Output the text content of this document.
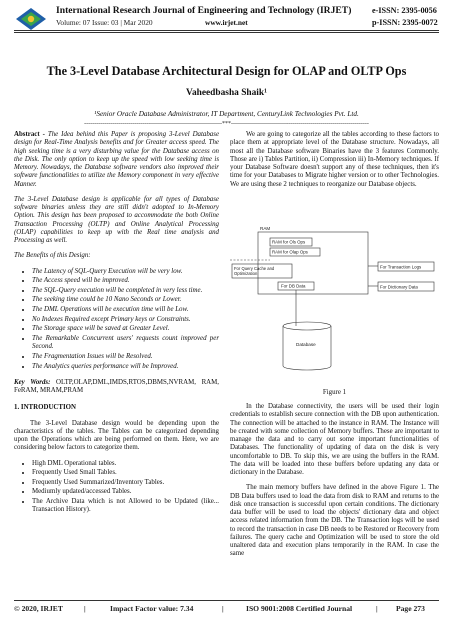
International Research Journal of Engineering and Technology (IRJET)	e-ISSN: 2395-0056
Volume: 07 Issue: 03 | Mar 2020	www.irjet.net	p-ISSN: 2395-0072
The 3-Level Database Architectural Design for OLAP and OLTP Ops
Vaheedbasha Shaik¹
¹Senior Oracle Database Administrator, IT Department, CenturyLink Technologies Pvt. Ltd.
---------------------------------------------------------------------***---------------------------------------------------------------------

Abstract - The Idea behind this Paper is proposing 3-Level Database design for Real-Time Analysis benefits and for Greater access speed. The high seeking time is a very disturbing value for the Database access on the Disk. The only option to keep up the speed with low seeking time is Memory. Nowadays, the Database software vendors also improved their software functionalities to utilize the Memory component in very effective Manner.

The 3-Level Database design is applicable for all types of Database software binaries unless they are still didn't adopted to In-Memory Option. This design has been proposed to accommodate the both Online Transaction Processing (OLTP) and Online Analytical Processing (OLAP) capabilities to keep up with the Real time analysis and Processing as well.

The Benefits of this Design:

• The Latency of SQL-Query Execution will be very low.
• The Access speed will be improved.
• The SQL-Query execution will be completed in very less time.
• The seeking time could be 10 Nano Seconds or Lower.
• The DML Operations will be execution time will be Low.
• No Indexes Required except Primary keys or Constraints.
• The Storage space will be saved at Greater Level.
• The Remarkable Concurrent users' requests count improved per Second.
• The Fragmentation Issues will be Resolved.
• The Analytics queries performance will be Improved.

Key Words: OLTP,OLAP,DML,IMDS,RTOS,DBMS,NVRAM, RAM, FeRAM, MRAM,PRAM

1. INTRODUCTION

The 3-Level Database design would be depending upon the characteristics of the tables. The Tables can be categorized depending upon the Operations which are being performed on them. Here, we are considering below factors to categorize them.

• High DML Operational tables.
• Frequently Used Small Tables.
• Frequently Used Summarized/Inventory Tables.
• Mediumly updated/accessed Tables.
• The Archive Data which is not Allowed to be Updated (like... Transaction History).

We are going to categorize all the tables according to these factors to place them at appropriate level of the Database structure. Nowadays, all most all the Database software Binaries have the 3 features Commonly. Those are i) Tables Partition, ii) Compression iii) In-Memory techniques. If your Database Software doesn't support any of these techniques, then it's time for your Databases to Migrate higher version or to other Technologies. We are using these 2 techniques to reorganize our Database objects.

RAM
RAM for Ols Ops
RAM for Olap Ops
For Query Cache and Optimization
For Transaction Logs
For DB Data	For Dictionary Data
Database
Figure 1

In the Database connectivity, the users will be used their login credentials to establish secure connection with the DB upon authentication. The connection will be attached to the instance in RAM. The Instance will be created with some collection of Memory buffers. These are important to manage the data and to carry out some important functionalities of Databases. The functionality of updating of data on the disk is very uncomfortable to DB. To skip this, we are using the buffers in the RAM. The data will be loaded into these buffers before updating any data or dictionary in the Database.

The main memory buffers have defined in the above Figure 1. The DB Data buffers used to load the data from disk to RAM and returns to the disk once transaction is successful upon certain conditions. The dictionary data buffer will be used to load the objects' dictionary data and object access related information from the DB. The Transaction logs will be used to record the transaction in case DB needs to be Restored or Recovery from failures. The query cache and Optimization will be used to store the old unaltered data and execution plans temporarily in the RAM. In case the same

© 2020, IRJET	|	Impact Factor value: 7.34	|	ISO 9001:2008 Certified Journal	| Page 273
